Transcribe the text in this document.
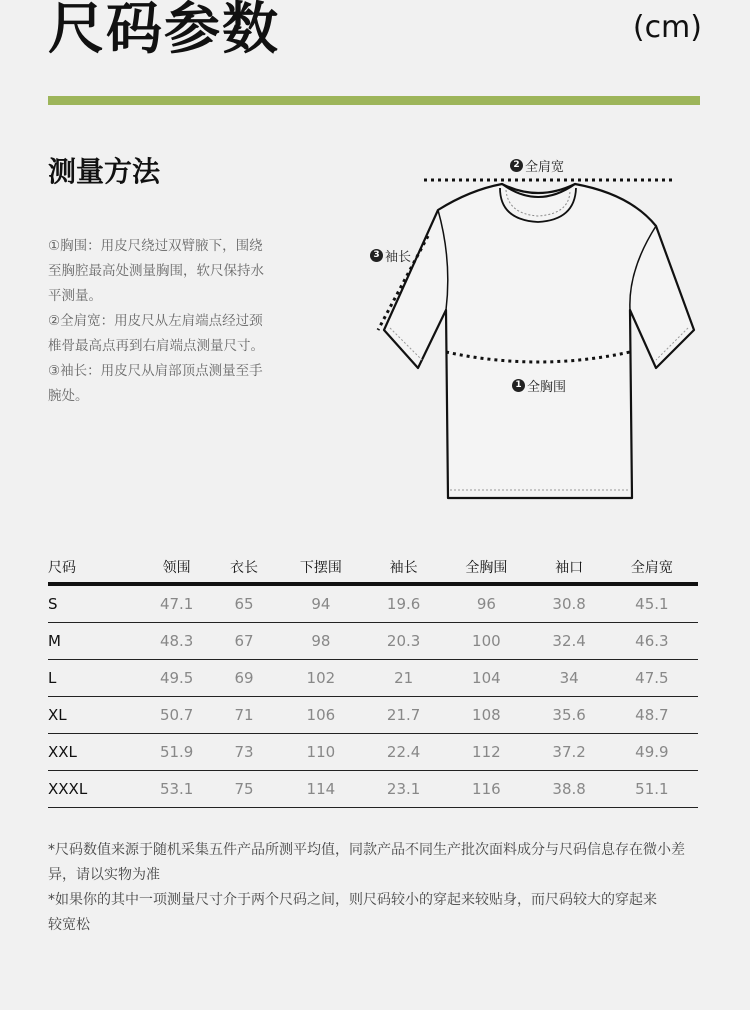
尺码参数	(cm)
测量方法

①胸围：用皮尺绕过双臂腋下，围绕
至胸腔最高处测量胸围，软尺保持水
平测量。
②全肩宽：用皮尺从左肩端点经过颈
椎骨最高点再到右肩端点测量尺寸。
③袖长：用皮尺从肩部顶点测量至手
腕处。

2 全肩宽
3 袖长
1 全胸围
尺码	领围	衣长	下摆围	袖长	全胸围	袖口	全肩宽
S	47.1	65	94	19.6	96	30.8	45.1
M	48.3	67	98	20.3	100	32.4	46.3
L	49.5	69	102	21	104	34	47.5
XL	50.7	71	106	21.7	108	35.6	48.7
XXL	51.9	73	110	22.4	112	37.2	49.9
XXXL	53.1	75	114	23.1	116	38.8	51.1

*尺码数值来源于随机采集五件产品所测平均值，同款产品不同生产批次面料成分与尺码信息存在微小差
异，请以实物为准
*如果你的其中一项测量尺寸介于两个尺码之间，则尺码较小的穿起来较贴身，而尺码较大的穿起来
较宽松
